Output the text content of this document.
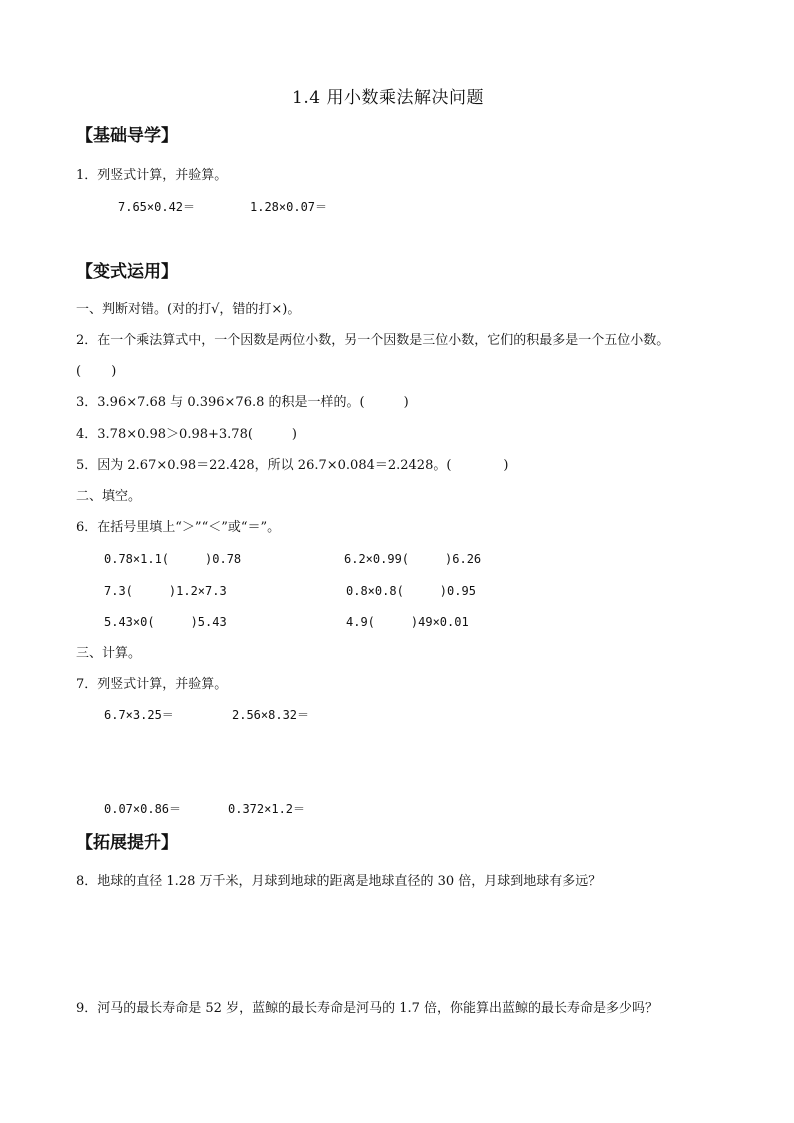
1.4 用小数乘法解决问题
【基础导学】
1．列竖式计算，并验算。
7.65×0.42＝	1.28×0.07＝
【变式运用】
一、判断对错。(对的打√，错的打×)。
2．在一个乘法算式中，一个因数是两位小数，另一个因数是三位小数，它们的积最多是一个五位小数。
(　　 )
3．3.96×7.68 与 0.396×76.8 的积是一样的。(　　　)
4．3.78×0.98＞0.98+3.78(　　　)
5．因为 2.67×0.98＝22.428，所以 26.7×0.084＝2.2428。(　　　　)
二、填空。
6．在括号里填上“＞”“＜”或“＝”。
0.78×1.1(　　　)0.78	6.2×0.99(　　　)6.26
7.3(　　　)1.2×7.3	0.8×0.8(　　　)0.95
5.43×0(　　　)5.43	4.9(　　　)49×0.01
三、计算。
7．列竖式计算，并验算。
6.7×3.25＝	2.56×8.32＝
0.07×0.86＝	0.372×1.2＝
【拓展提升】
8．地球的直径 1.28 万千米，月球到地球的距离是地球直径的 30 倍，月球到地球有多远？
9．河马的最长寿命是 52 岁，蓝鲸的最长寿命是河马的 1.7 倍，你能算出蓝鲸的最长寿命是多少吗？
